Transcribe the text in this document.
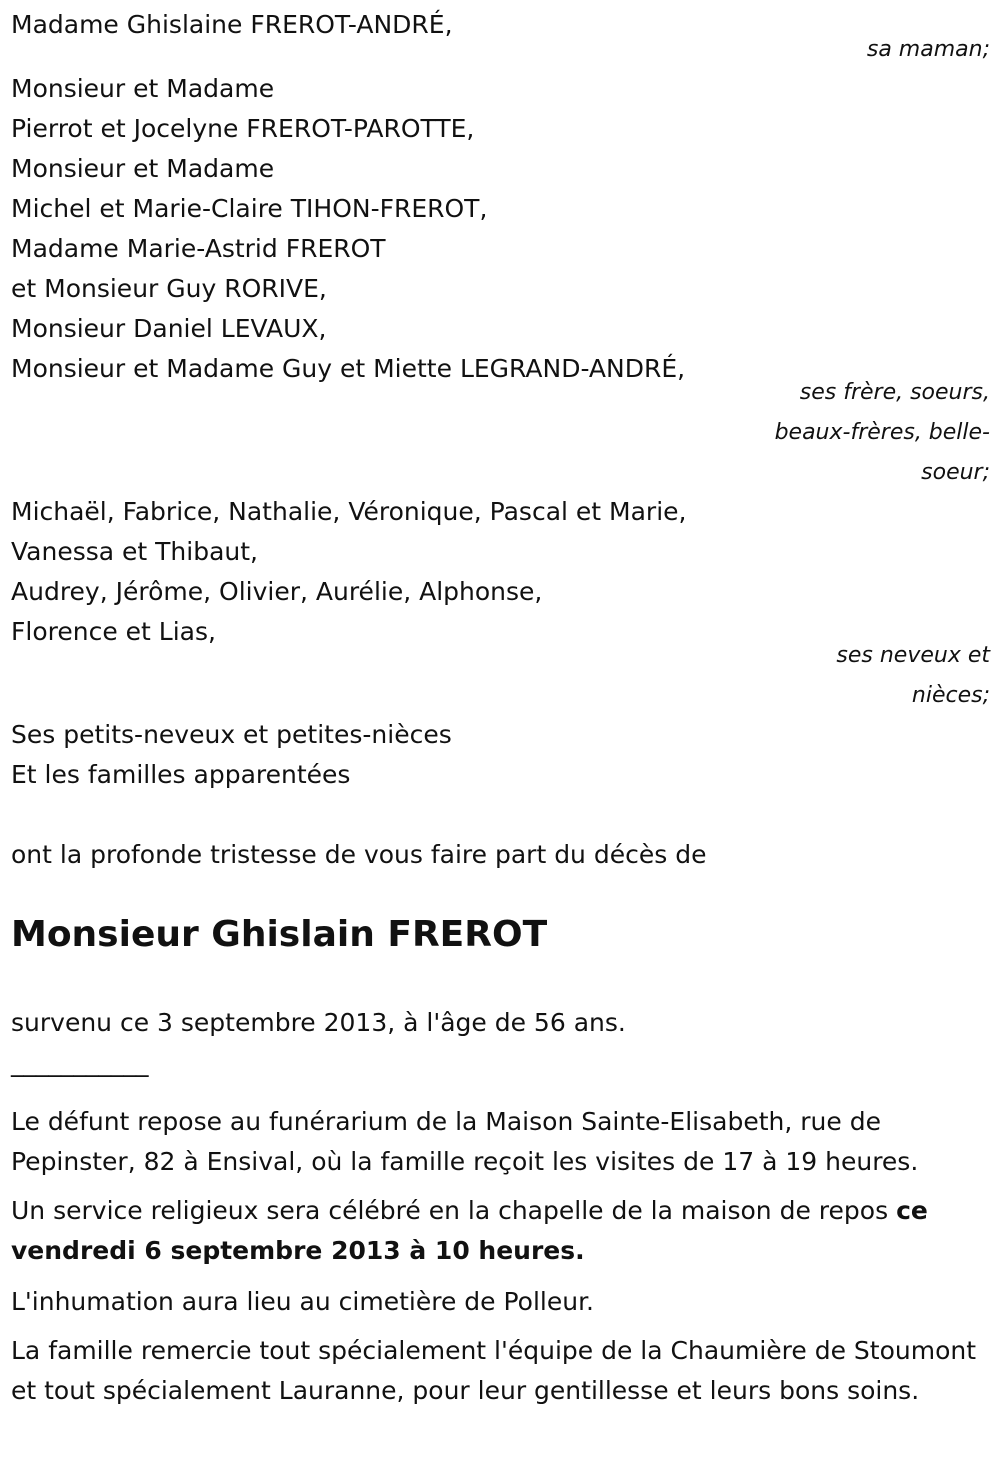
Madame Ghislaine FREROT-ANDRÉ,
sa maman;
Monsieur et Madame
Pierrot et Jocelyne FREROT-PAROTTE,
Monsieur et Madame
Michel et Marie-Claire TIHON-FREROT,
Madame Marie-Astrid FREROT
et Monsieur Guy RORIVE,
Monsieur Daniel LEVAUX,
Monsieur et Madame Guy et Miette LEGRAND-ANDRÉ,
ses frère, soeurs,
beaux-frères, belle-
soeur;
Michaël, Fabrice, Nathalie, Véronique, Pascal et Marie,
Vanessa et Thibaut,
Audrey, Jérôme, Olivier, Aurélie, Alphonse,
Florence et Lias,
ses neveux et
nièces;
Ses petits-neveux et petites-nièces
Et les familles apparentées
ont la profonde tristesse de vous faire part du décès de
Monsieur Ghislain FREROT
survenu ce 3 septembre 2013, à l'âge de 56 ans.
___________
Le défunt repose au funérarium de la Maison Sainte-Elisabeth, rue de Pepinster, 82 à Ensival, où la famille reçoit les visites de 17 à 19 heures.
Un service religieux sera célébré en la chapelle de la maison de repos ce vendredi 6 septembre 2013 à 10 heures.
L'inhumation aura lieu au cimetière de Polleur.
La famille remercie tout spécialement l'équipe de la Chaumière de Stoumont et tout spécialement Lauranne, pour leur gentillesse et leurs bons soins.
